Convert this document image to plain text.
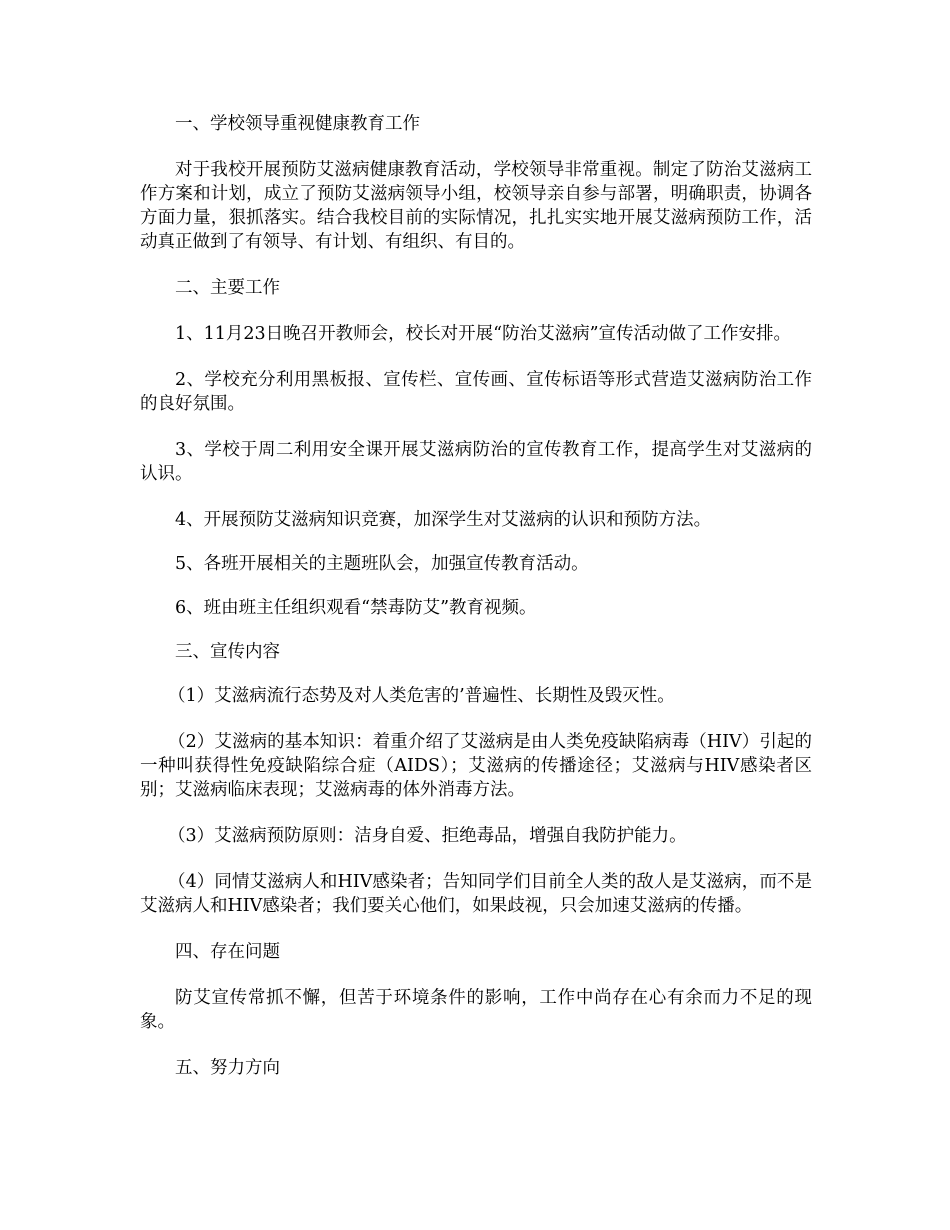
一、学校领导重视健康教育工作

对于我校开展预防艾滋病健康教育活动，学校领导非常重视。制定了防治艾滋病工作方案和计划，成立了预防艾滋病领导小组，校领导亲自参与部署，明确职责，协调各方面力量，狠抓落实。结合我校目前的实际情况，扎扎实实地开展艾滋病预防工作，活动真正做到了有领导、有计划、有组织、有目的。

二、主要工作

1、11月23日晚召开教师会，校长对开展“防治艾滋病”宣传活动做了工作安排。

2、学校充分利用黑板报、宣传栏、宣传画、宣传标语等形式营造艾滋病防治工作的良好氛围。

3、学校于周二利用安全课开展艾滋病防治的宣传教育工作，提高学生对艾滋病的认识。

4、开展预防艾滋病知识竞赛，加深学生对艾滋病的认识和预防方法。

5、各班开展相关的主题班队会，加强宣传教育活动。

6、班由班主任组织观看“禁毒防艾”教育视频。

三、宣传内容

（1）艾滋病流行态势及对人类危害的’普遍性、长期性及毁灭性。

（2）艾滋病的基本知识：着重介绍了艾滋病是由人类免疫缺陷病毒（HIV）引起的一种叫获得性免疫缺陷综合症（AIDS）；艾滋病的传播途径；艾滋病与HIV感染者区别；艾滋病临床表现；艾滋病毒的体外消毒方法。

（3）艾滋病预防原则：洁身自爱、拒绝毒品，增强自我防护能力。

（4）同情艾滋病人和HIV感染者；告知同学们目前全人类的敌人是艾滋病，而不是艾滋病人和HIV感染者；我们要关心他们，如果歧视，只会加速艾滋病的传播。

四、存在问题

防艾宣传常抓不懈，但苦于环境条件的影响，工作中尚存在心有余而力不足的现象。

五、努力方向
